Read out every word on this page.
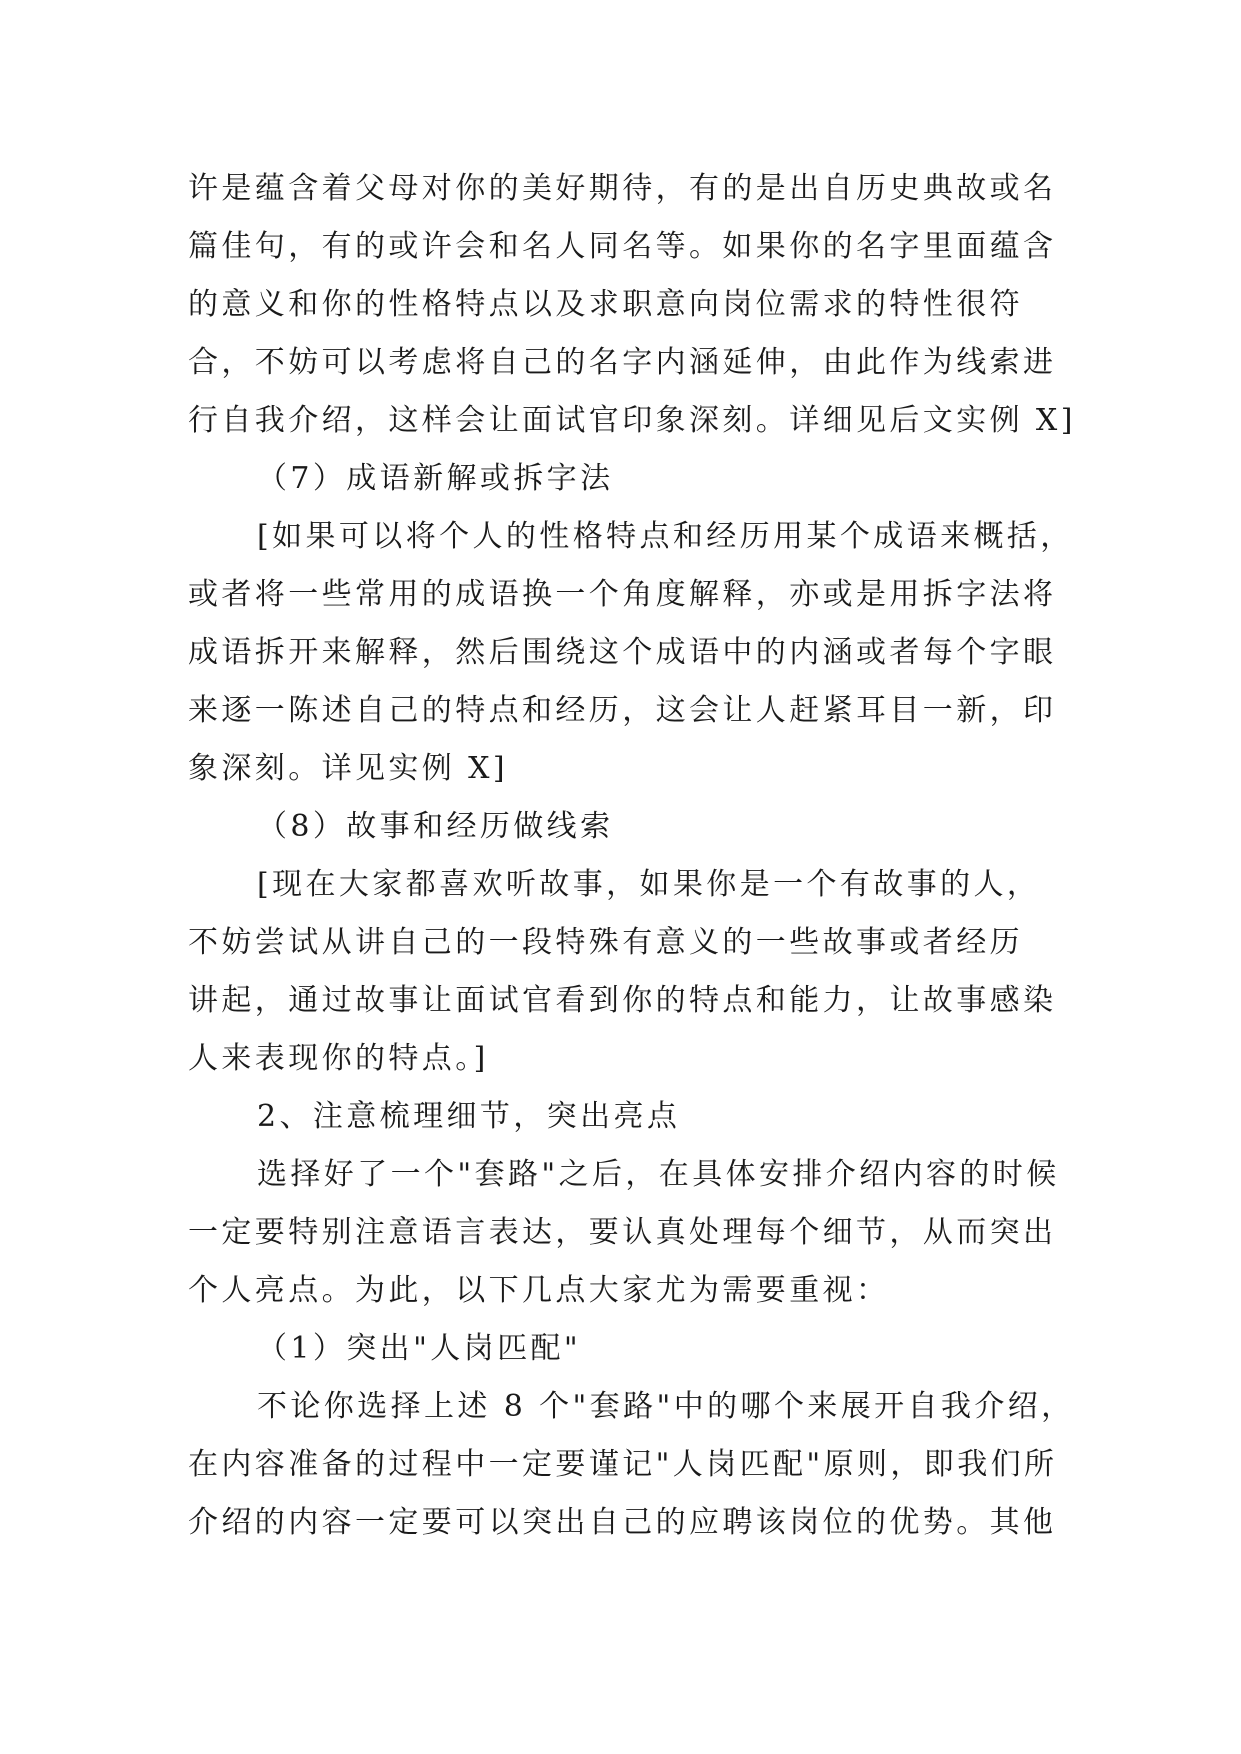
许是蕴含着父母对你的美好期待，有的是出自历史典故或名
篇佳句，有的或许会和名人同名等。如果你的名字里面蕴含
的意义和你的性格特点以及求职意向岗位需求的特性很符
合，不妨可以考虑将自己的名字内涵延伸，由此作为线索进
行自我介绍，这样会让面试官印象深刻。详细见后文实例 X]
（7）成语新解或拆字法
[如果可以将个人的性格特点和经历用某个成语来概括，
或者将一些常用的成语换一个角度解释，亦或是用拆字法将
成语拆开来解释，然后围绕这个成语中的内涵或者每个字眼
来逐一陈述自己的特点和经历，这会让人赶紧耳目一新，印
象深刻。详见实例 X]
（8）故事和经历做线索
[现在大家都喜欢听故事，如果你是一个有故事的人，
不妨尝试从讲自己的一段特殊有意义的一些故事或者经历
讲起，通过故事让面试官看到你的特点和能力，让故事感染
人来表现你的特点。]
2、注意梳理细节，突出亮点
选择好了一个"套路"之后，在具体安排介绍内容的时候
一定要特别注意语言表达，要认真处理每个细节，从而突出
个人亮点。为此，以下几点大家尤为需要重视：
（1）突出"人岗匹配"
不论你选择上述 8 个"套路"中的哪个来展开自我介绍，
在内容准备的过程中一定要谨记"人岗匹配"原则，即我们所
介绍的内容一定要可以突出自己的应聘该岗位的优势。其他
